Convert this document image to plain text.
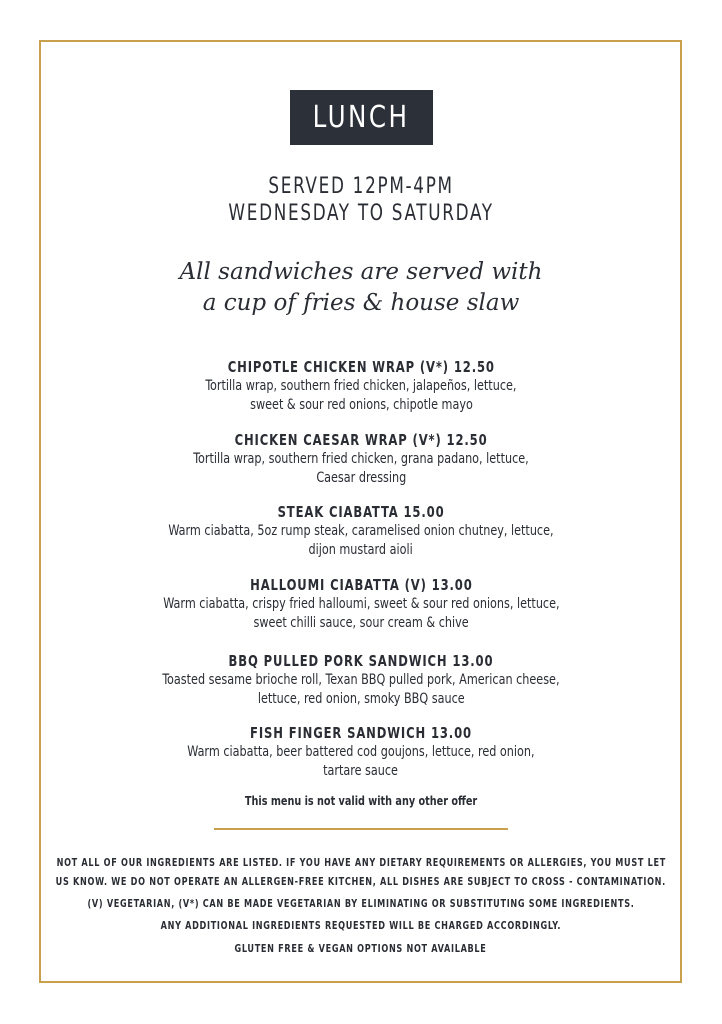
LUNCH
SERVED 12PM-4PM
WEDNESDAY TO SATURDAY
All sandwiches are served with
a cup of fries & house slaw
CHIPOTLE CHICKEN WRAP (V*) 12.50
Tortilla wrap, southern fried chicken, jalapeños, lettuce,
sweet & sour red onions, chipotle mayo
CHICKEN CAESAR WRAP (V*) 12.50
Tortilla wrap, southern fried chicken, grana padano, lettuce,
Caesar dressing
STEAK CIABATTA 15.00
Warm ciabatta, 5oz rump steak, caramelised onion chutney, lettuce,
dijon mustard aioli
HALLOUMI CIABATTA (V) 13.00
Warm ciabatta, crispy fried halloumi, sweet & sour red onions, lettuce,
sweet chilli sauce, sour cream & chive
BBQ PULLED PORK SANDWICH 13.00
Toasted sesame brioche roll, Texan BBQ pulled pork, American cheese,
lettuce, red onion, smoky BBQ sauce
FISH FINGER SANDWICH 13.00
Warm ciabatta, beer battered cod goujons, lettuce, red onion,
tartare sauce
This menu is not valid with any other offer
NOT ALL OF OUR INGREDIENTS ARE LISTED. IF YOU HAVE ANY DIETARY REQUIREMENTS OR ALLERGIES, YOU MUST LET
US KNOW. WE DO NOT OPERATE AN ALLERGEN-FREE KITCHEN, ALL DISHES ARE SUBJECT TO CROSS - CONTAMINATION.
(V) VEGETARIAN, (V*) CAN BE MADE VEGETARIAN BY ELIMINATING OR SUBSTITUTING SOME INGREDIENTS.
ANY ADDITIONAL INGREDIENTS REQUESTED WILL BE CHARGED ACCORDINGLY.
GLUTEN FREE & VEGAN OPTIONS NOT AVAILABLE
